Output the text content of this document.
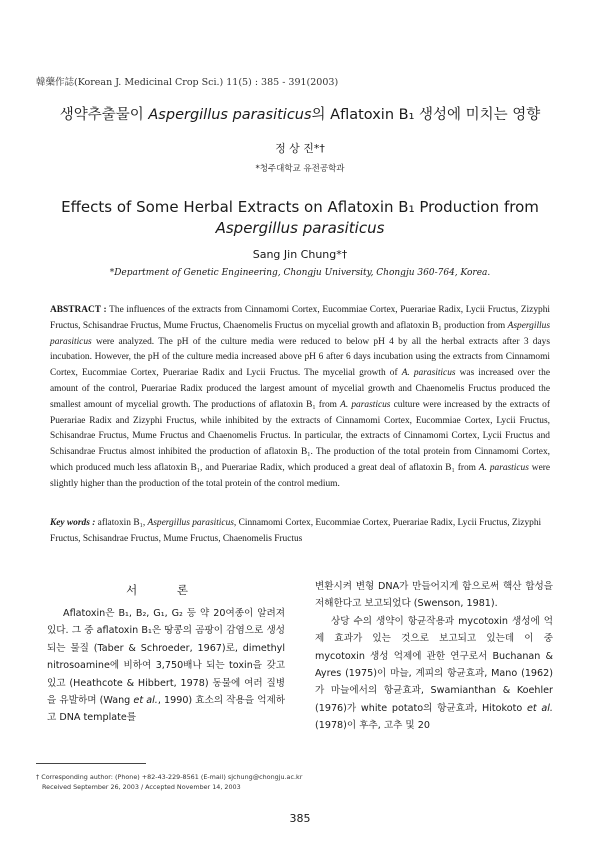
韓藥作誌(Korean J. Medicinal Crop Sci.) 11(5) : 385 - 391(2003)
생약추출물이 Aspergillus parasiticus의 Aflatoxin B₁ 생성에 미치는 영향
정 상 진*†
*청주대학교 유전공학과
Effects of Some Herbal Extracts on Aflatoxin B₁ Production from
Aspergillus parasiticus
Sang Jin Chung*†
*Department of Genetic Engineering, Chongju University, Chongju 360-764, Korea.
ABSTRACT : The influences of the extracts from Cinnamomi Cortex, Eucommiae Cortex, Puerariae Radix, Lycii Fructus, Zizyphi Fructus, Schisandrae Fructus, Mume Fructus, Chaenomelis Fructus on mycelial growth and aflatoxin B₁ production from Aspergillus parasiticus were analyzed. The pH of the culture media were reduced to below pH 4 by all the herbal extracts after 3 days incubation. However, the pH of the culture media increased above pH 6 after 6 days incubation using the extracts from Cinnamomi Cortex, Eucommiae Cortex, Puerariae Radix and Lycii Fructus. The mycelial growth of A. parasiticus was increased over the amount of the control, Puerariae Radix produced the largest amount of mycelial growth and Chaenomelis Fructus produced the smallest amount of mycelial growth. The productions of aflatoxin B₁ from A. parasticus culture were increased by the extracts of Puerariae Radix and Zizyphi Fructus, while inhibited by the extracts of Cinnamomi Cortex, Eucommiae Cortex, Lycii Fructus, Schisandrae Fructus, Mume Fructus and Chaenomelis Fructus. In particular, the extracts of Cinnamomi Cortex, Lycii Fructus and Schisandrae Fructus almost inhibited the production of aflatoxin B₁. The production of the total protein from Cinnamomi Cortex, which produced much less aflatoxin B₁, and Puerariae Radix, which produced a great deal of aflatoxin B₁ from A. parasticus were slightly higher than the production of the total protein of the control medium.
Key words : aflatoxin B₁, Aspergillus parasiticus, Cinnamomi Cortex, Eucommiae Cortex, Puerariae Radix, Lycii Fructus, Zizyphi Fructus, Schisandrae Fructus, Mume Fructus, Chaenomelis Fructus
서 론

Aflatoxin은 B₁, B₂, G₁, G₂ 등 약 20여종이 알려져있다. 그 중 aflatoxin B₁은 땅콩의 곰팡이 감염으로 생성되는 물질 (Taber & Schroeder, 1967)로, dimethyl nitrosoamine에 비하여 3,750배나 되는 toxin을 갖고 있고 (Heathcote & Hibbert, 1978) 동물에 여러 질병을 유발하며 (Wang et al., 1990) 효소의 작용을 억제하고 DNA template를

변환시켜 변형 DNA가 만들어지게 함으로써 핵산 합성을 저해한다고 보고되었다 (Swenson, 1981).

상당 수의 생약이 항균작용과 mycotoxin 생성에 억제 효과가 있는 것으로 보고되고 있는데 이 중 mycotoxin 생성 억제에 관한 연구로서 Buchanan & Ayres (1975)이 마늘, 계피의 항균효과, Mano (1962)가 마늘에서의 항균효과, Swamianthan & Koehler (1976)가 white potato의 항균효과, Hitokoto et al. (1978)이 후추, 고추 및 20

† Corresponding author: (Phone) +82-43-229-8561 (E-mail) sjchung@chongju.ac.kr
Received September 26, 2003 / Accepted November 14, 2003
385
